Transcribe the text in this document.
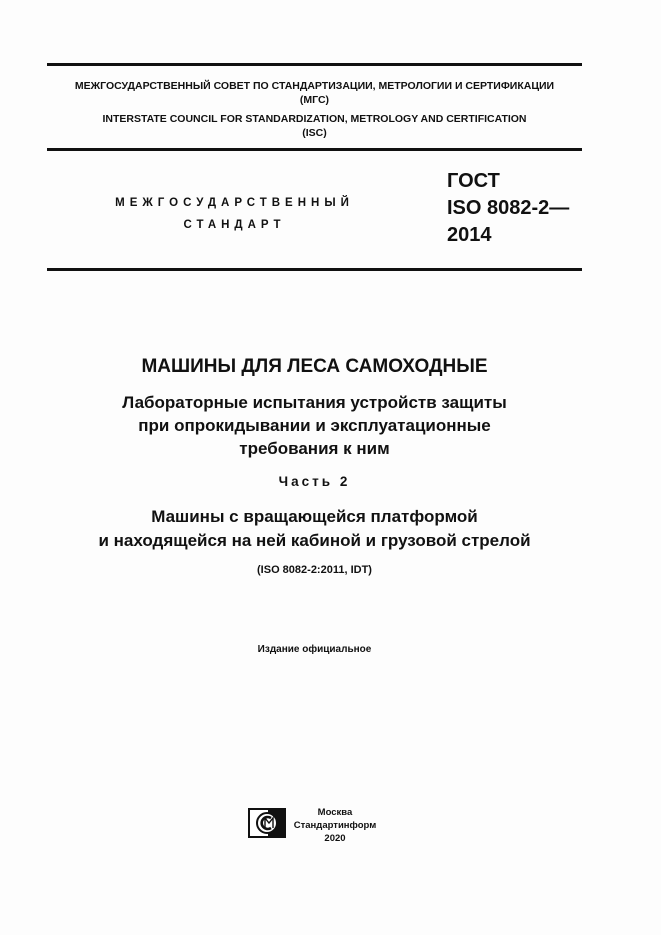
МЕЖГОСУДАРСТВЕННЫЙ СОВЕТ ПО СТАНДАРТИЗАЦИИ, МЕТРОЛОГИИ И СЕРТИФИКАЦИИ
(МГС)
INTERSTATE COUNCIL FOR STANDARDIZATION, METROLOGY AND CERTIFICATION
(ISC)
МЕЖГОСУДАРСТВЕННЫЙ
СТАНДАРТ
ГОСТ
ISO 8082-2—
2014
МАШИНЫ ДЛЯ ЛЕСА САМОХОДНЫЕ
Лабораторные испытания устройств защиты
при опрокидывании и эксплуатационные
требования к ним
Часть 2
Машины с вращающейся платформой
и находящейся на ней кабиной и грузовой стрелой
(ISO 8082-2:2011, IDT)
Издание официальное
Москва
Стандартинформ
2020
